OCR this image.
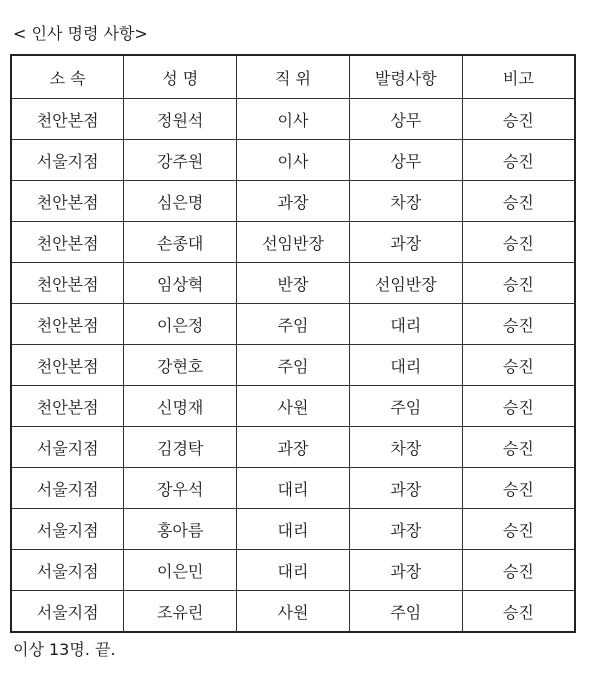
< 인사 명령 사항>
소 속	성 명	직 위	발령사항	비고
천안본점	정원석	이사	상무	승진
서울지점	강주원	이사	상무	승진
천안본점	심은명	과장	차장	승진
천안본점	손종대	선임반장	과장	승진
천안본점	임상혁	반장	선임반장	승진
천안본점	이은정	주임	대리	승진
천안본점	강현호	주임	대리	승진
천안본점	신명재	사원	주임	승진
서울지점	김경탁	과장	차장	승진
서울지점	장우석	대리	과장	승진
서울지점	홍아름	대리	과장	승진
서울지점	이은민	대리	과장	승진
서울지점	조유린	사원	주임	승진
이상 13명. 끝.
